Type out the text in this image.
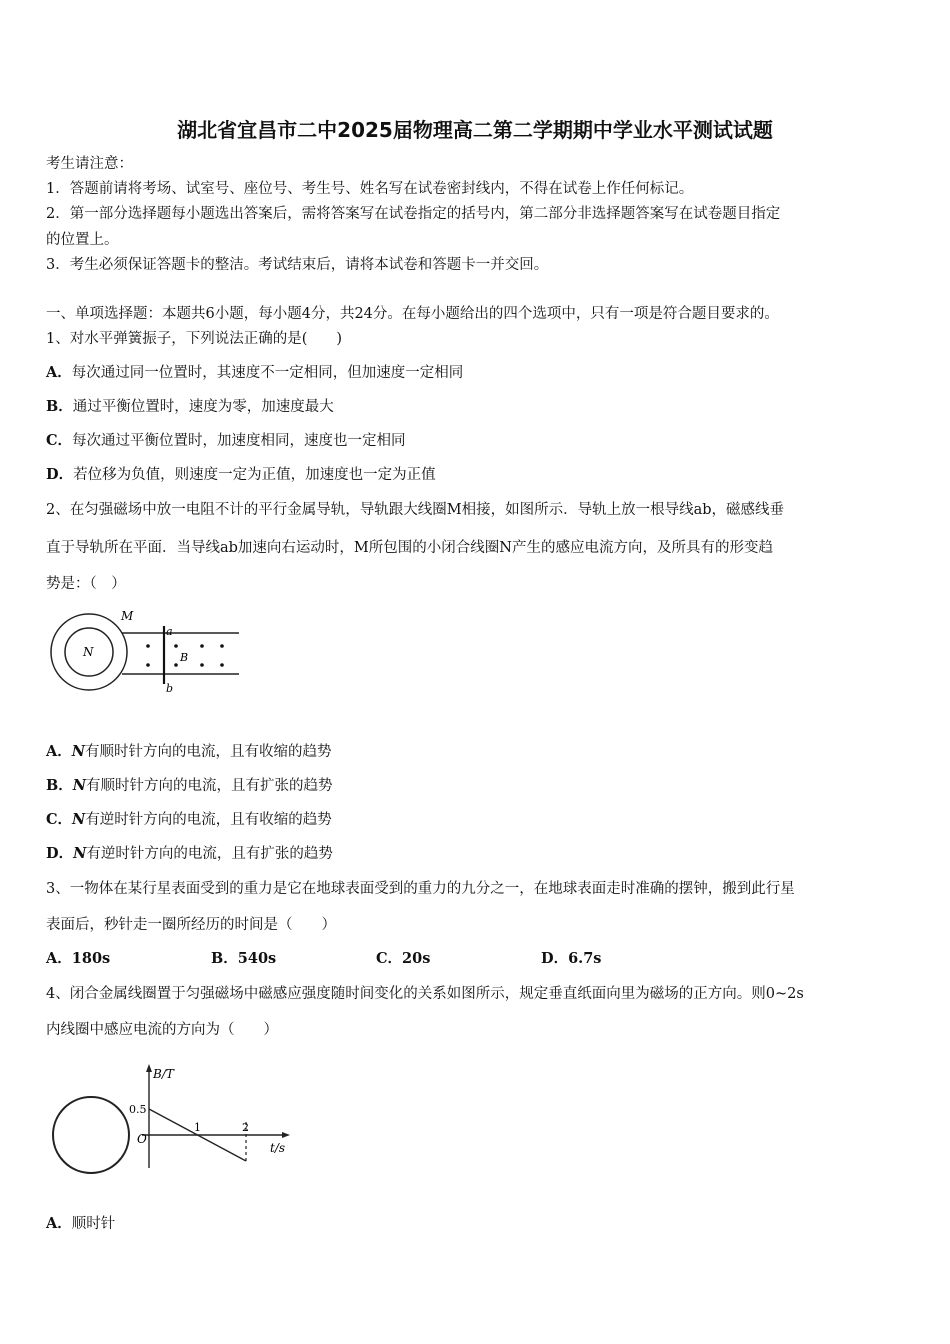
湖北省宜昌市二中2025届物理高二第二学期期中学业水平测试试题
考生请注意：
1．答题前请将考场、试室号、座位号、考生号、姓名写在试卷密封线内，不得在试卷上作任何标记。
2．第一部分选择题每小题选出答案后，需将答案写在试卷指定的括号内，第二部分非选择题答案写在试卷题目指定
的位置上。
3．考生必须保证答题卡的整洁。考试结束后，请将本试卷和答题卡一并交回。
一、单项选择题：本题共6小题，每小题4分，共24分。在每小题给出的四个选项中，只有一项是符合题目要求的。
1、对水平弹簧振子，下列说法正确的是(　　)
A．每次通过同一位置时，其速度不一定相同，但加速度一定相同
B．通过平衡位置时，速度为零，加速度最大
C．每次通过平衡位置时，加速度相同，速度也一定相同
D．若位移为负值，则速度一定为正值，加速度也一定为正值
2、在匀强磁场中放一电阻不计的平行金属导轨，导轨跟大线圈M相接，如图所示．导轨上放一根导线ab，磁感线垂
直于导轨所在平面．当导线ab加速向右运动时，M所包围的小闭合线圈N产生的感应电流方向，及所具有的形变趋
势是：（　）
M
N
a
b
B
A．N有顺时针方向的电流，且有收缩的趋势
B．N有顺时针方向的电流，且有扩张的趋势
C．N有逆时针方向的电流，且有收缩的趋势
D．N有逆时针方向的电流，且有扩张的趋势
3、一物体在某行星表面受到的重力是它在地球表面受到的重力的九分之一，在地球表面走时准确的摆钟，搬到此行星
表面后，秒针走一圈所经历的时间是（　　）
A．180s	B．540s	C．20s	D．6.7s
4、闭合金属线圈置于匀强磁场中磁感应强度随时间变化的关系如图所示，规定垂直纸面向里为磁场的正方向。则0~2s
内线圈中感应电流的方向为（　　）
B/T
t/s
O
0.5
1	2
A．顺时针
